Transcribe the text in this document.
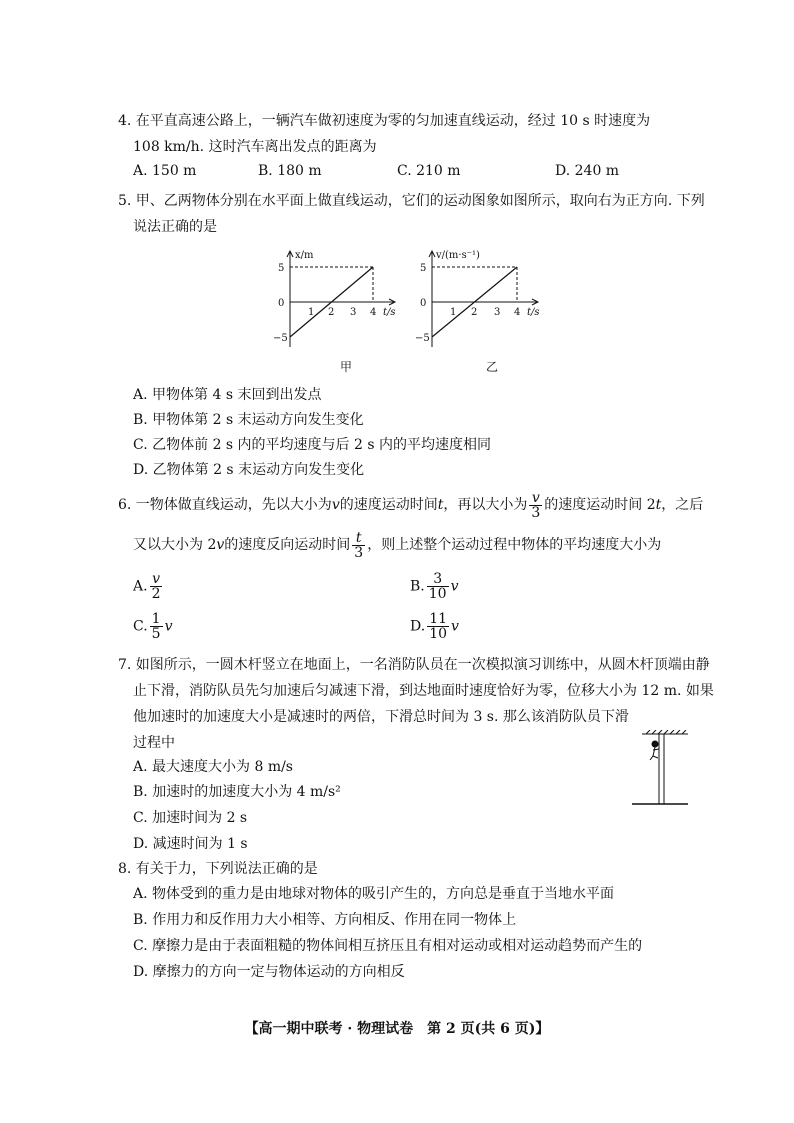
4. 在平直高速公路上，一辆汽车做初速度为零的匀加速直线运动，经过 10 s 时速度为
108 km/h. 这时汽车离出发点的距离为
A. 150 m	B. 180 m	C. 210 m	D. 240 m
5. 甲、乙两物体分别在水平面上做直线运动，它们的运动图象如图所示，取向右为正方向. 下列
说法正确的是
x/m
5
0
−5
1 2 3 4 t/s
甲
v/(m·s⁻¹)
5
0
−5
1 2 3 4 t/s
乙
A. 甲物体第 4 s 末回到出发点
B. 甲物体第 2 s 末运动方向发生变化
C. 乙物体前 2 s 内的平均速度与后 2 s 内的平均速度相同
D. 乙物体第 2 s 末运动方向发生变化
6. 一物体做直线运动，先以大小为v的速度运动时间t，再以大小为 $\frac{v}{3}$ 的速度运动时间 2t，之后
又以大小为 2v的速度反向运动时间 $\frac{t}{3}$ ，则上述整个运动过程中物体的平均速度大小为
A. $\frac{v}{2}$	B. $\frac{3}{10}$ v
C. $\frac{1}{5}$ v	D. $\frac{11}{10}$ v
7. 如图所示，一圆木杆竖立在地面上，一名消防队员在一次模拟演习训练中，从圆木杆顶端由静
止下滑，消防队员先匀加速后匀减速下滑，到达地面时速度恰好为零，位移大小为 12 m. 如果
他加速时的加速度大小是减速时的两倍，下滑总时间为 3 s. 那么该消防队员下滑
过程中
A. 最大速度大小为 8 m/s
B. 加速时的加速度大小为 4 m/s²
C. 加速时间为 2 s
D. 减速时间为 1 s
8. 有关于力，下列说法正确的是
A. 物体受到的重力是由地球对物体的吸引产生的，方向总是垂直于当地水平面
B. 作用力和反作用力大小相等、方向相反、作用在同一物体上
C. 摩擦力是由于表面粗糙的物体间相互挤压且有相对运动或相对运动趋势而产生的
D. 摩擦力的方向一定与物体运动的方向相反
【高一期中联考 · 物理试卷　第 2 页(共 6 页)】
